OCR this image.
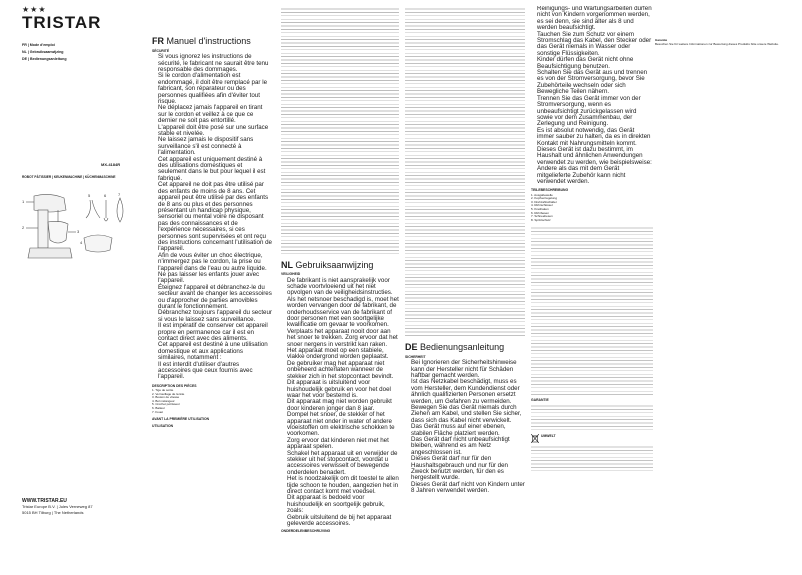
★★★
TRISTAR
FR | Mode d'emploi
NL | Gebruiksaanwijzing
DE | Bedienungsanleitung
MX-4184R
ROBOT PÂTISSIER | KEUKENMACHINE | KÜCHENMASCHINE
1
2
3
5	6	7
4
WWW.TRISTAR.EU
Tristar Europe B.V. | Jules Verneweg 87
5015 BH Tilburg | The Netherlands
FR Manuel d'instructions
SÉCURITÉ
• Si vous ignorez les instructions de sécurité, le fabricant ne saurait être tenu responsable des dommages.
• Si le cordon d'alimentation est endommagé, il doit être remplacé par le fabricant, son réparateur ou des personnes qualifiées afin d'éviter tout risque.
• Ne déplacez jamais l'appareil en tirant sur le cordon et veillez à ce que ce dernier ne soit pas entortillé.
• L'appareil doit être posé sur une surface stable et nivelée.
• Ne laissez jamais le dispositif sans surveillance s'il est connecté à l'alimentation.
• Cet appareil est uniquement destiné à des utilisations domestiques et seulement dans le but pour lequel il est fabriqué.
• Cet appareil ne doit pas être utilisé par des enfants de moins de 8 ans. Cet appareil peut être utilisé par des enfants de 8 ans ou plus et des personnes présentant un handicap physique, sensoriel ou mental voire ne disposant pas des connaissances et de l'expérience nécessaires, si ces personnes sont supervisées et ont reçu des instructions concernant l'utilisation de l'appareil.
• Afin de vous éviter un choc électrique, n'immergez pas le cordon, la prise ou l'appareil dans de l'eau ou autre liquide.
• Ne pas laisser les enfants jouer avec l'appareil.
• Éteignez l'appareil et débranchez-le du secteur avant de changer les accessoires ou d'approcher de parties amovibles durant le fonctionnement.
• Débranchez toujours l'appareil du secteur si vous le laissez sans surveillance.
• Il est impératif de conserver cet appareil propre en permanence car il est en contact direct avec des aliments.
• Cet appareil est destiné à une utilisation domestique et aux applications similaires, notamment :
• Il est interdit d'utiliser d'autres accessoires que ceux fournis avec l'appareil.
DESCRIPTION DES PIÈCES
1. Tige de sortie
2. Verrouillage de la tête
3. Bouton de vitesse
4. Bol mélangeur
5. Crochet pétrisseur
6. Batteur
7. Fouet
AVANT LA PREMIÈRE UTILISATION
UTILISATION
NL Gebruiksaanwijzing
VEILIGHEID
• De fabrikant is niet aansprakelijk voor schade voortvloeiend uit het niet opvolgen van de veiligheidsinstructies.
• Als het netsnoer beschadigd is, moet het worden vervangen door de fabrikant, de onderhoudsservice van de fabrikant of door personen met een soortgelijke kwalificatie om gevaar te voorkomen.
• Verplaats het apparaat nooit door aan het snoer te trekken. Zorg ervoor dat het snoer nergens in verstrikt kan raken.
• Het apparaat moet op een stabiele, vlakke ondergrond worden geplaatst.
• De gebruiker mag het apparaat niet onbeheerd achterlaten wanneer de stekker zich in het stopcontact bevindt.
• Dit apparaat is uitsluitend voor huishoudelijk gebruik en voor het doel waar het voor bestemd is.
• Dit apparaat mag niet worden gebruikt door kinderen jonger dan 8 jaar.
• Dompel het snoer, de stekker of het apparaat niet onder in water of andere vloeistoffen om elektrische schokken te voorkomen.
• Zorg ervoor dat kinderen niet met het apparaat spelen.
• Schakel het apparaat uit en verwijder de stekker uit het stopcontact, voordat u accessoires verwisselt of bewegende onderdelen benadert.
• Het is noodzakelijk om dit toestel te allen tijde schoon te houden, aangezien het in direct contact komt met voedsel.
• Dit apparaat is bedoeld voor huishoudelijk en soortgelijk gebruik, zoals:
• Gebruik uitsluitend de bij het apparaat geleverde accessoires.
ONDERDELENBESCHRIJVING
DE Bedienungsanleitung
SICHERHEIT
• Bei Ignorieren der Sicherheitshinweise kann der Hersteller nicht für Schäden haftbar gemacht werden.
• Ist das Netzkabel beschädigt, muss es vom Hersteller, dem Kundendienst oder ähnlich qualifizierten Personen ersetzt werden, um Gefahren zu vermeiden.
• Bewegen Sie das Gerät niemals durch Ziehen am Kabel, und stellen Sie sicher, dass sich das Kabel nicht verwickelt.
• Das Gerät muss auf einer ebenen, stabilen Fläche platziert werden.
• Das Gerät darf nicht unbeaufsichtigt bleiben, während es am Netz angeschlossen ist.
• Dieses Gerät darf nur für den Haushaltsgebrauch und nur für den Zweck benutzt werden, für den es hergestellt wurde.
• Dieses Gerät darf nicht von Kindern unter 8 Jahren verwendet werden.
• Reinigungs- und Wartungsarbeiten dürfen nicht von Kindern vorgenommen werden, es sei denn, sie sind älter als 8 und werden beaufsichtigt.
• Tauchen Sie zum Schutz vor einem Stromschlag das Kabel, den Stecker oder das Gerät niemals in Wasser oder sonstige Flüssigkeiten.
• Kinder dürfen das Gerät nicht ohne Beaufsichtigung benutzen.
• Schalten Sie das Gerät aus und trennen es von der Stromversorgung, bevor Sie Zubehörteile wechseln oder sich Bewegliche Teilen nähern.
• Trennen Sie das Gerät immer von der Stromversorgung, wenn es unbeaufsichtigt zurückgelassen wird sowie vor dem Zusammenbau, der Zerlegung und Reinigung.
• Es ist absolut notwendig, das Gerät immer sauber zu halten, da es in direkten Kontakt mit Nahrungsmitteln kommt.
• Dieses Gerät ist dazu bestimmt, im Haushalt und ähnlichen Anwendungen verwendet zu werden, wie beispielsweise:
• Andere als das mit dem Gerät mitgelieferte Zubehör kann nicht verwendet werden.
TEILEBESCHREIBUNG
1. Ausgabewelle
2. Kopfverriegelung
3. Drehzahlschalter
4. Rührschüssel
5. Knethaken
6. Rührbesen
7. Schneebesen
8. Spritzschutz
GARANTIE
UMWELT
Garantie
Besuchen Sie für weitere Informationen zur Bewertung dieses Produkts bitte unsere Website.
